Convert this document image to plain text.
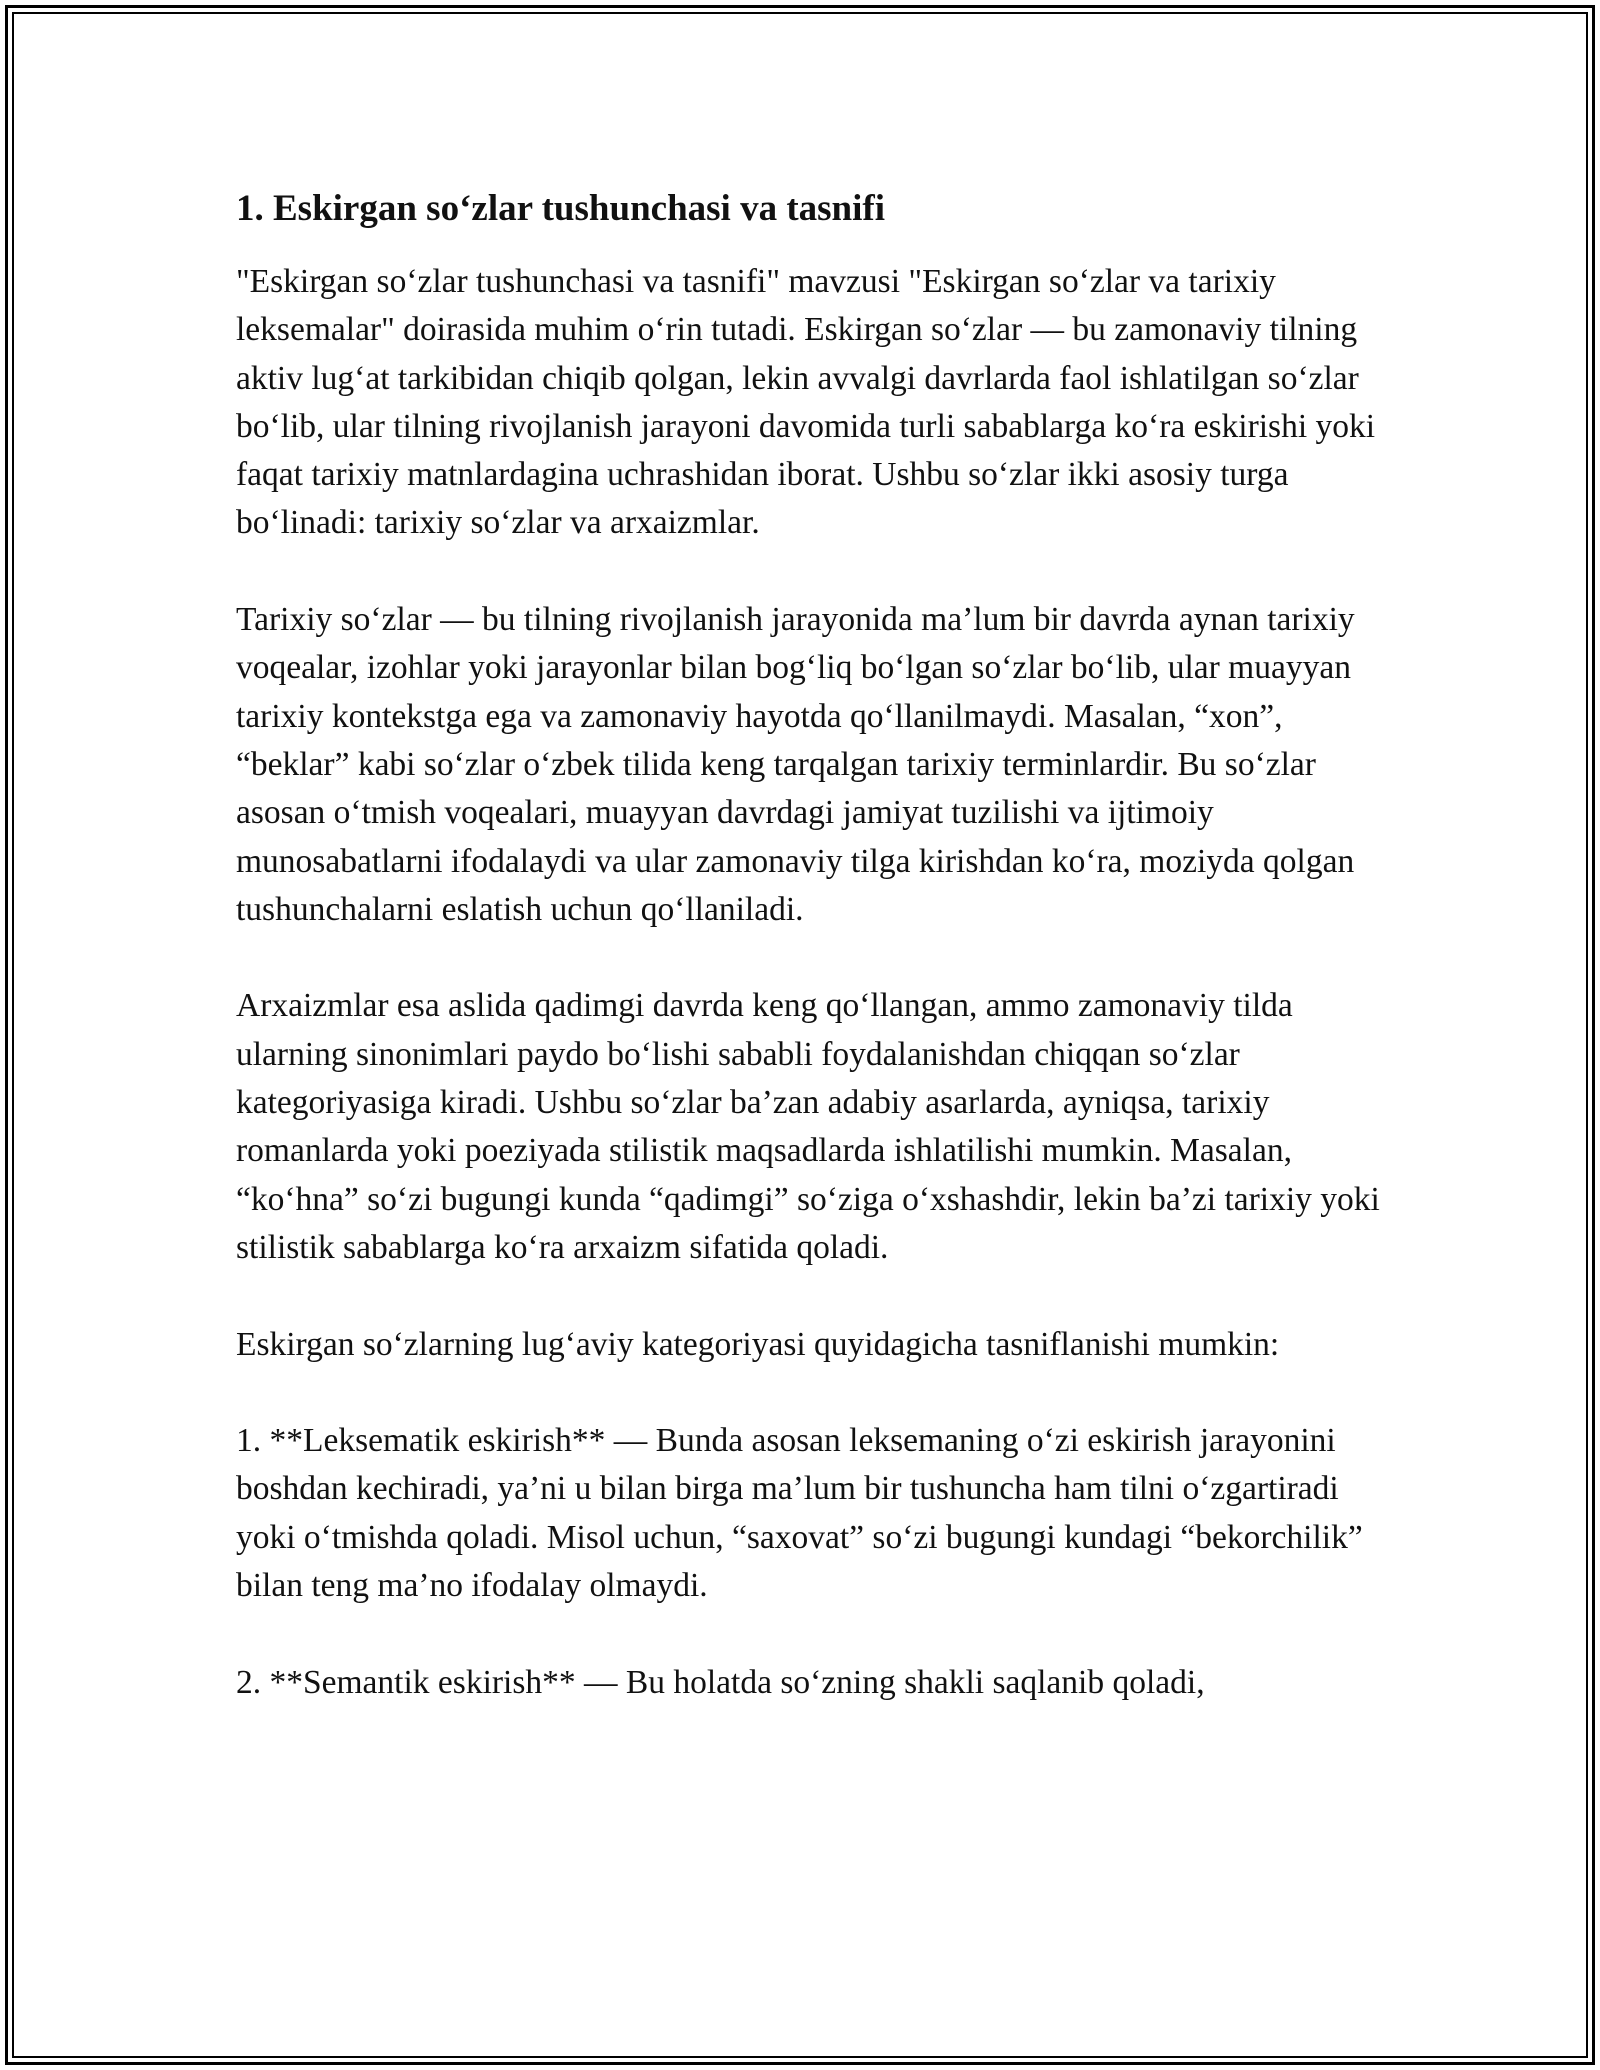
1. Eskirgan so‘zlar tushunchasi va tasnifi

"Eskirgan so‘zlar tushunchasi va tasnifi" mavzusi "Eskirgan so‘zlar va tarixiy leksemalar" doirasida muhim o‘rin tutadi. Eskirgan so‘zlar — bu zamonaviy tilning aktiv lug‘at tarkibidan chiqib qolgan, lekin avvalgi davrlarda faol ishlatilgan so‘zlar bo‘lib, ular tilning rivojlanish jarayoni davomida turli sabablarga ko‘ra eskirishi yoki faqat tarixiy matnlardagina uchrashidan iborat. Ushbu so‘zlar ikki asosiy turga bo‘linadi: tarixiy so‘zlar va arxaizmlar.

Tarixiy so‘zlar — bu tilning rivojlanish jarayonida ma’lum bir davrda aynan tarixiy voqealar, izohlar yoki jarayonlar bilan bog‘liq bo‘lgan so‘zlar bo‘lib, ular muayyan tarixiy kontekstga ega va zamonaviy hayotda qo‘llanilmaydi. Masalan, “xon”, “beklar” kabi so‘zlar o‘zbek tilida keng tarqalgan tarixiy terminlardir. Bu so‘zlar asosan o‘tmish voqealari, muayyan davrdagi jamiyat tuzilishi va ijtimoiy munosabatlarni ifodalaydi va ular zamonaviy tilga kirishdan ko‘ra, moziyda qolgan tushunchalarni eslatish uchun qo‘llaniladi.

Arxaizmlar esa aslida qadimgi davrda keng qo‘llangan, ammo zamonaviy tilda ularning sinonimlari paydo bo‘lishi sababli foydalanishdan chiqqan so‘zlar kategoriyasiga kiradi. Ushbu so‘zlar ba’zan adabiy asarlarda, ayniqsa, tarixiy romanlarda yoki poeziyada stilistik maqsadlarda ishlatilishi mumkin. Masalan, “ko‘hna” so‘zi bugungi kunda “qadimgi” so‘ziga o‘xshashdir, lekin ba’zi tarixiy yoki stilistik sabablarga ko‘ra arxaizm sifatida qoladi.

Eskirgan so‘zlarning lug‘aviy kategoriyasi quyidagicha tasniflanishi mumkin:

1. **Leksematik eskirish** — Bunda asosan leksemaning o‘zi eskirish jarayonini boshdan kechiradi, ya’ni u bilan birga ma’lum bir tushuncha ham tilni o‘zgartiradi yoki o‘tmishda qoladi. Misol uchun, “saxovat” so‘zi bugungi kundagi “bekorchilik” bilan teng ma’no ifodalay olmaydi.

2. **Semantik eskirish** — Bu holatda so‘zning shakli saqlanib qoladi,
